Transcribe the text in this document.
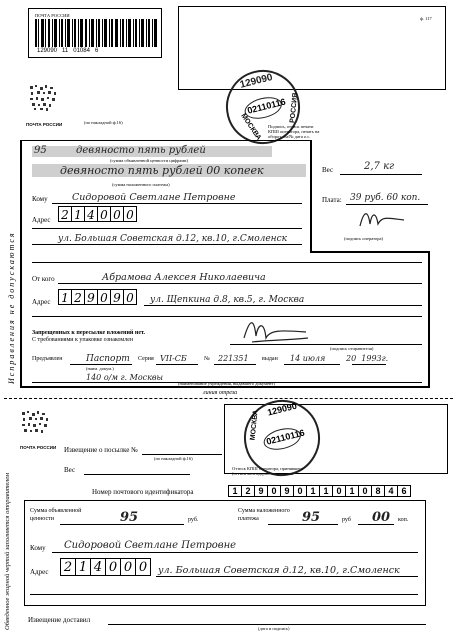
ПОЧТА РОССИИ
129090   11   01084   6
ф. 117
(по накладной ф.16)
ПОЧТА РОССИИ
129090
02110116
МОСКВА
РОССИЯ
Подпись, оттиск печати
КПШ оператора, печать на
оборот. см/№ дата о.с.
Исправления не допускаются
95	девяносто пять рублей
(сумма объявленной ценности цифрами)
девяносто пять рублей 00 копеек
(сумма наложенного платежа)
Вес	2,7 кг
Плата: 39 руб. 60 коп.
(подпись оператора)
Кому	Сидоровой Светлане Петровне
Адрес 2 1 4 0 0 0
ул. Большая Советская д.12, кв.10, г.Смоленск
От кого	Абрамова Алексея Николаевича
Адрес 1 2 9 0 9 0	ул. Щепкина д.8, кв.5, г. Москва
Запрещенных к пересылке вложений нет.
С требованиями к упаковке ознакомлен
(подпись отправителя)
Предъявлен	Паспорт Серия VII-СБ	№ 221351 выдан 14 июля	20  1993г.
(наим. докум.)
140 о/м г. Москвы
(наименование учреждения, выдавшего документ)
линия отреза
ПОЧТА РОССИИ Извещение о посылке №
(по накладной ф.16)
Вес
МОСКВА
129090
02110116
Оттиск КПШ оператора, принявшего
(оттиск календарного штемпеля
Номер почтового идентификатора	1 2 9 0 9 0 1 1 0 1 0 8 4 6
Сумма объявленной
ценности	95	руб.
Сумма наложенного
платежа	95	руб 00 коп.
Кому Сидоровой Светлане Петровне
Адрес 2 1 4 0 0 0	ул. Большая Советская д.12, кв.10, г.Смоленск
Извещение доставил
(дата и подпись)
Обведенное жирной чертой заполняется отправителем
